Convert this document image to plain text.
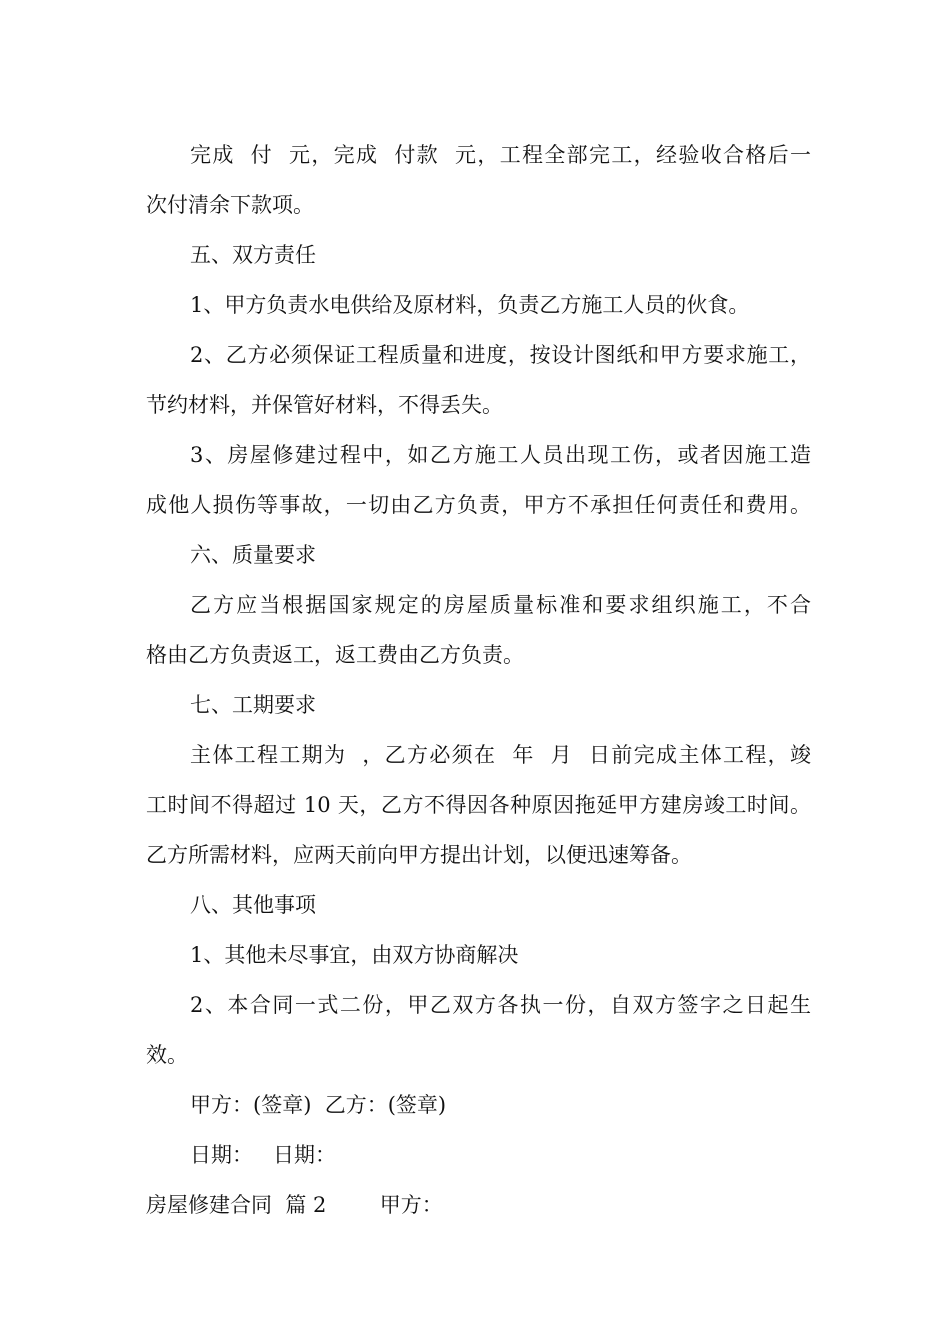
完成  付  元，完成  付款  元，工程全部完工，经验收合格后一
次付清余下款项。
五、双方责任
1、甲方负责水电供给及原材料，负责乙方施工人员的伙食。
2、乙方必须保证工程质量和进度，按设计图纸和甲方要求施工，
节约材料，并保管好材料，不得丢失。
3、房屋修建过程中，如乙方施工人员出现工伤，或者因施工造
成他人损伤等事故，一切由乙方负责，甲方不承担任何责任和费用。
六、质量要求
乙方应当根据国家规定的房屋质量标准和要求组织施工，不合
格由乙方负责返工，返工费由乙方负责。
七、工期要求
主体工程工期为  ，乙方必须在  年  月  日前完成主体工程，竣
工时间不得超过 10 天，乙方不得因各种原因拖延甲方建房竣工时间。
乙方所需材料，应两天前向甲方提出计划，以便迅速筹备。
八、其他事项
1、其他未尽事宜，由双方协商解决
2、本合同一式二份，甲乙双方各执一份，自双方签字之日起生
效。
甲方：(签章)  乙方：(签章)
日期：   日期：
房屋修建合同  篇 2        甲方：
